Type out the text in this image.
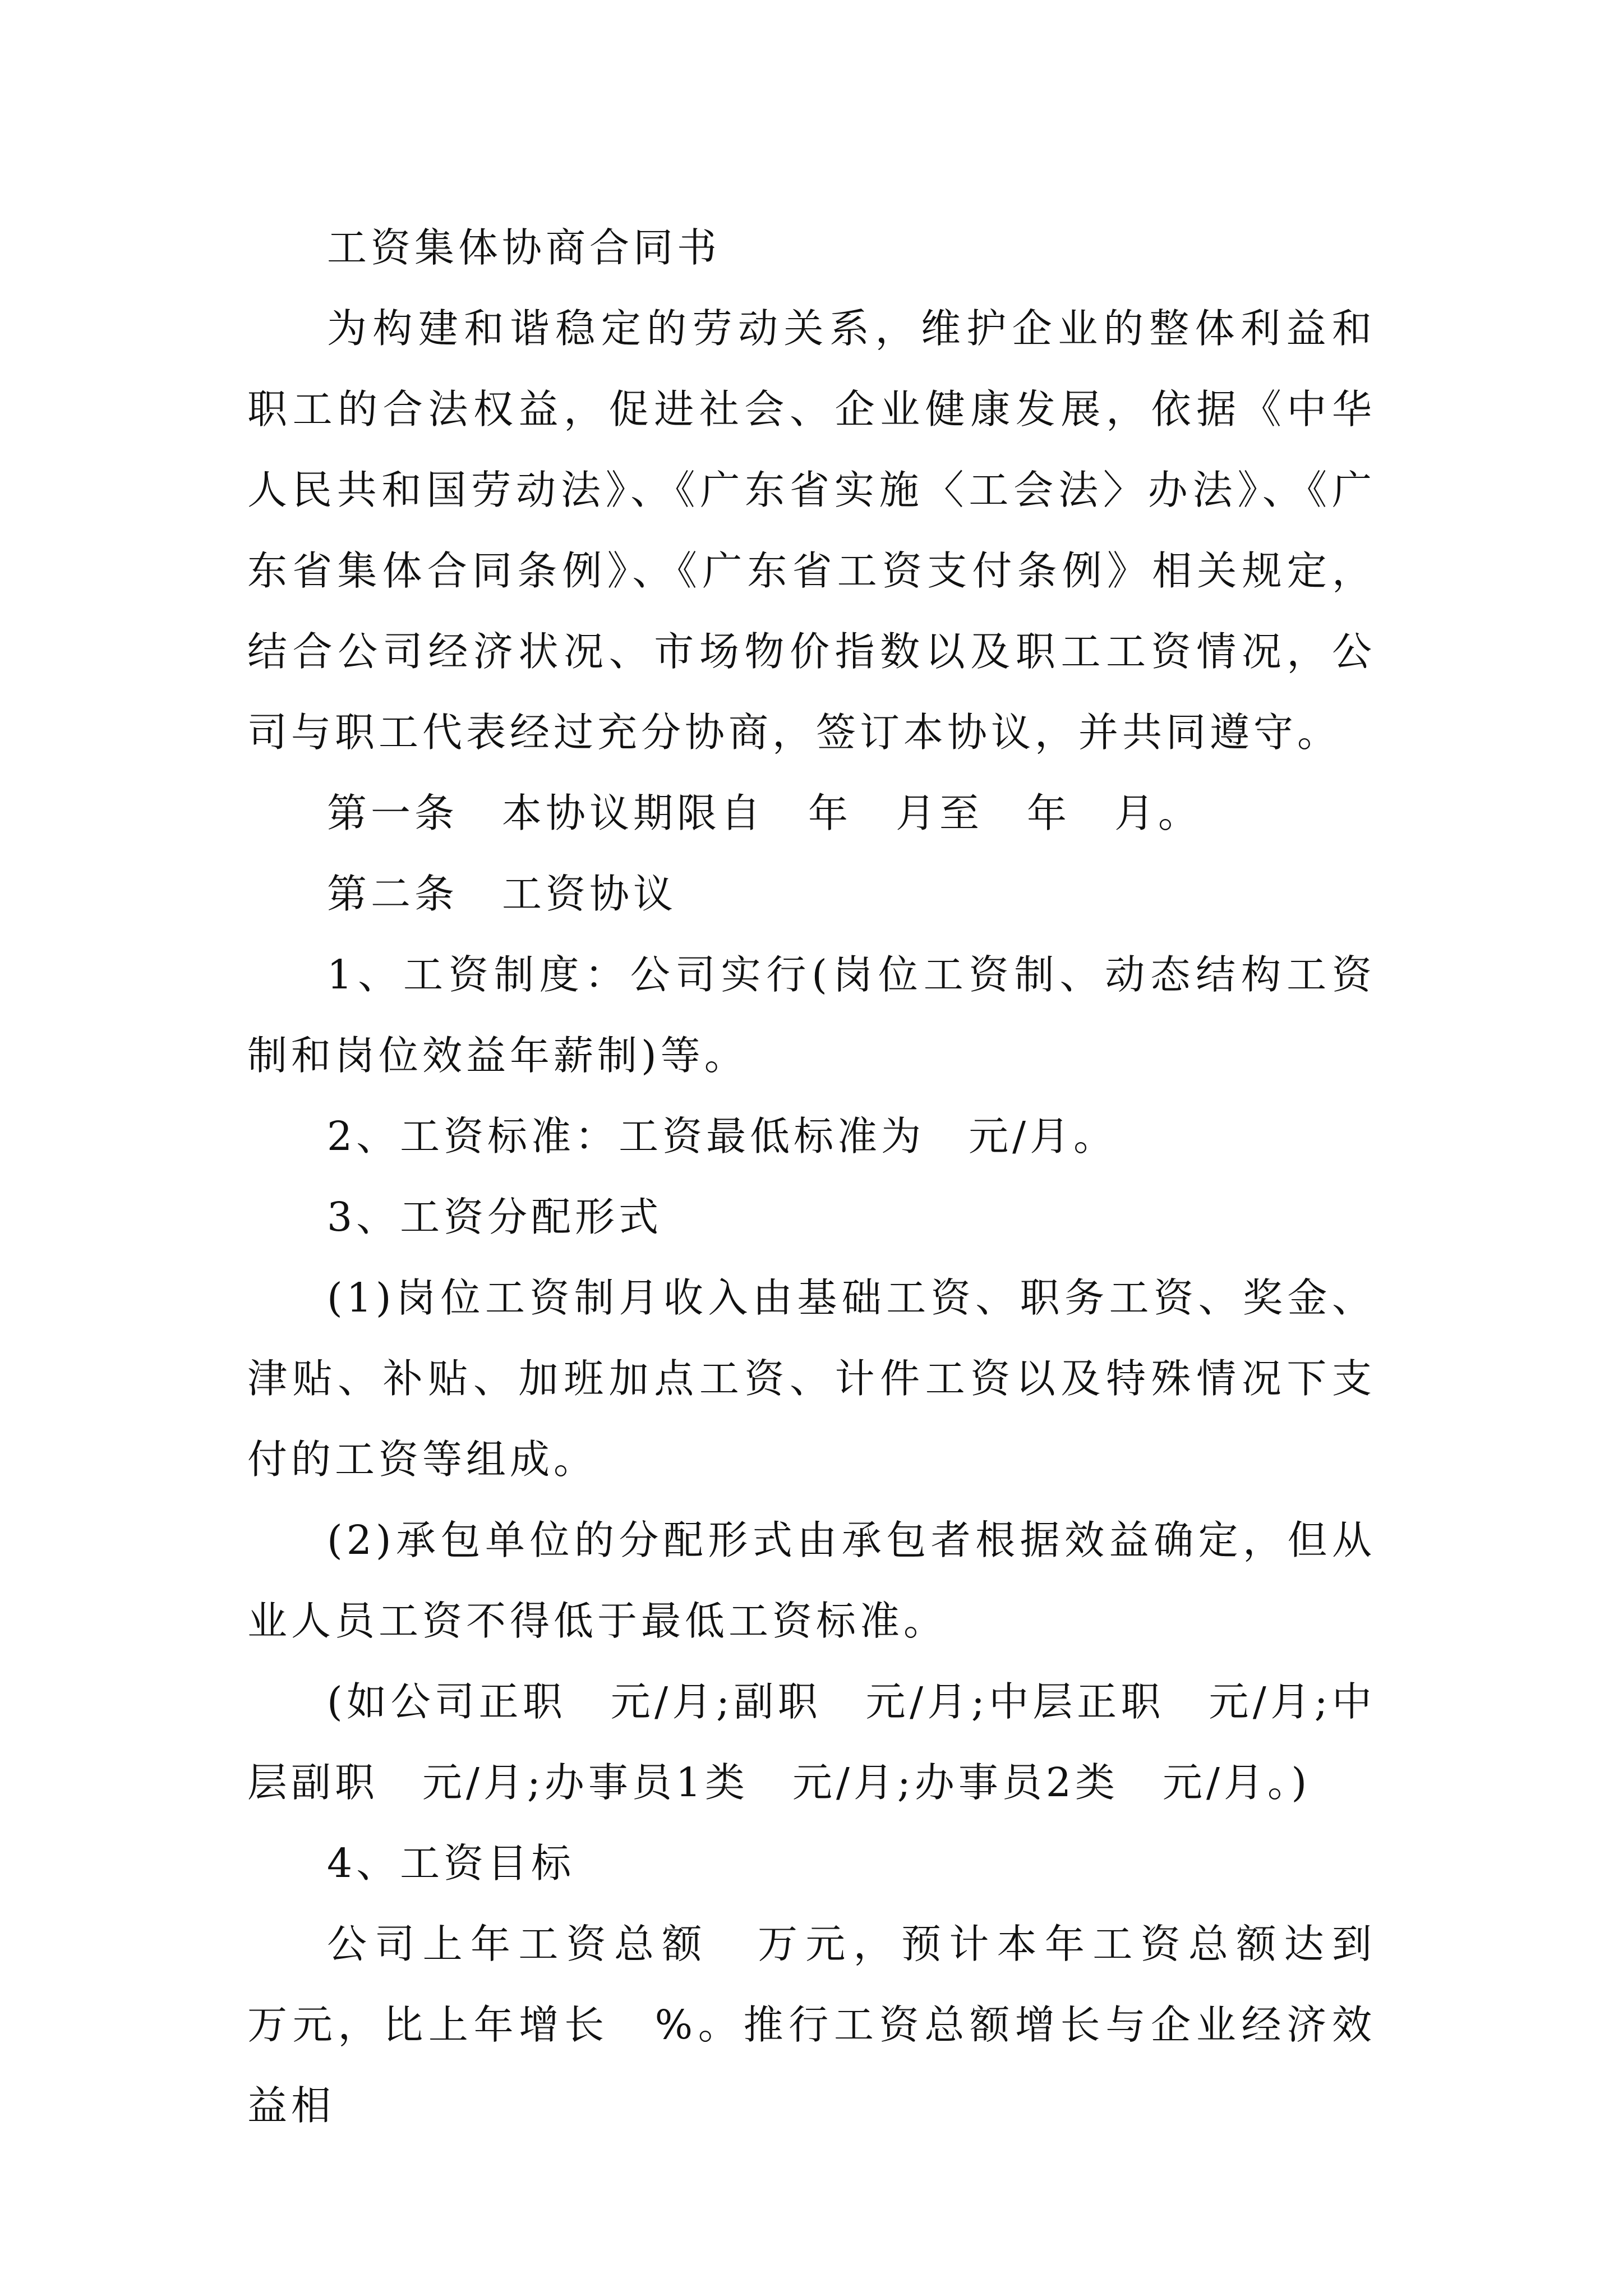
工资集体协商合同书

为构建和谐稳定的劳动关系，维护企业的整体利益和职工的合法权益，促进社会、企业健康发展，依据《中华人民共和国劳动法》、《广东省实施〈工会法〉办法》、《广东省集体合同条例》、《广东省工资支付条例》相关规定，结合公司经济状况、市场物价指数以及职工工资情况，公司与职工代表经过充分协商，签订本协议，并共同遵守。

第一条　本协议期限自　年　月至　年　月。

第二条　工资协议

1、工资制度：公司实行(岗位工资制、动态结构工资制和岗位效益年薪制)等。

2、工资标准：工资最低标准为　元/月。

3、工资分配形式

(1)岗位工资制月收入由基础工资、职务工资、奖金、津贴、补贴、加班加点工资、计件工资以及特殊情况下支付的工资等组成。

(2)承包单位的分配形式由承包者根据效益确定，但从业人员工资不得低于最低工资标准。

(如公司正职　元/月;副职　元/月;中层正职　元/月;中层副职　元/月;办事员1类　元/月;办事员2类　元/月。)

4、工资目标

公司上年工资总额　万元，预计本年工资总额达到　万元，比上年增长　%。推行工资总额增长与企业经济效益相
